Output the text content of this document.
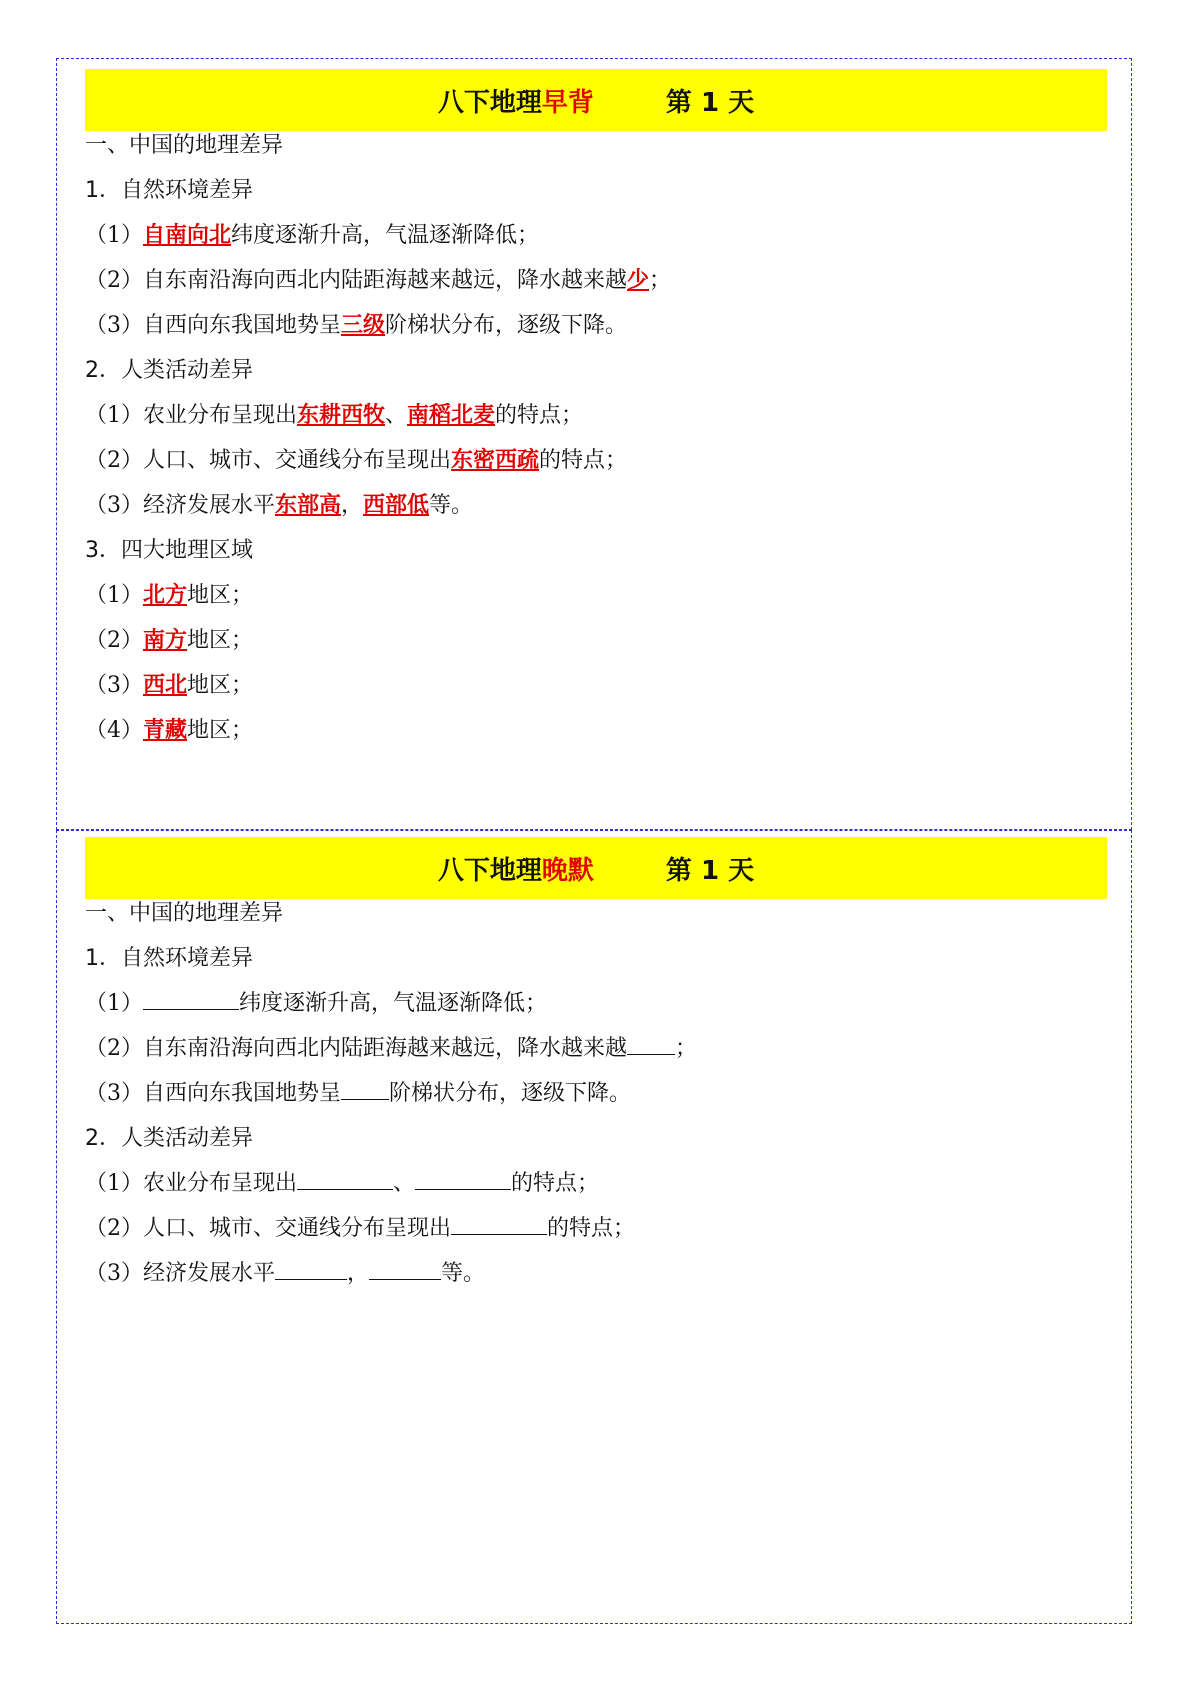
八下地理 早背	第 1 天
一、中国的地理差异
1．自然环境差异
（1）自南向北纬度逐渐升高，气温逐渐降低；
（2）自东南沿海向西北内陆距海越来越远，降水越来越少；
（3）自西向东我国地势呈三级阶梯状分布，逐级下降。
2．人类活动差异
（1）农业分布呈现出东耕西牧、南稻北麦的特点；
（2）人口、城市、交通线分布呈现出东密西疏的特点；
（3）经济发展水平东部高，西部低等。
3．四大地理区域
（1）北方地区；
（2）南方地区；
（3）西北地区；
（4）青藏地区；
八下地理 晚默	第 1 天
一、中国的地理差异
1．自然环境差异
（1）	纬度逐渐升高，气温逐渐降低；
（2）自东南沿海向西北内陆距海越来越远，降水越来越 ；
（3）自西向东我国地势呈 阶梯状分布，逐级下降。
2．人类活动差异
（1）农业分布呈现出	、	的特点；
（2）人口、城市、交通线分布呈现出	的特点；
（3）经济发展水平	，	等。
